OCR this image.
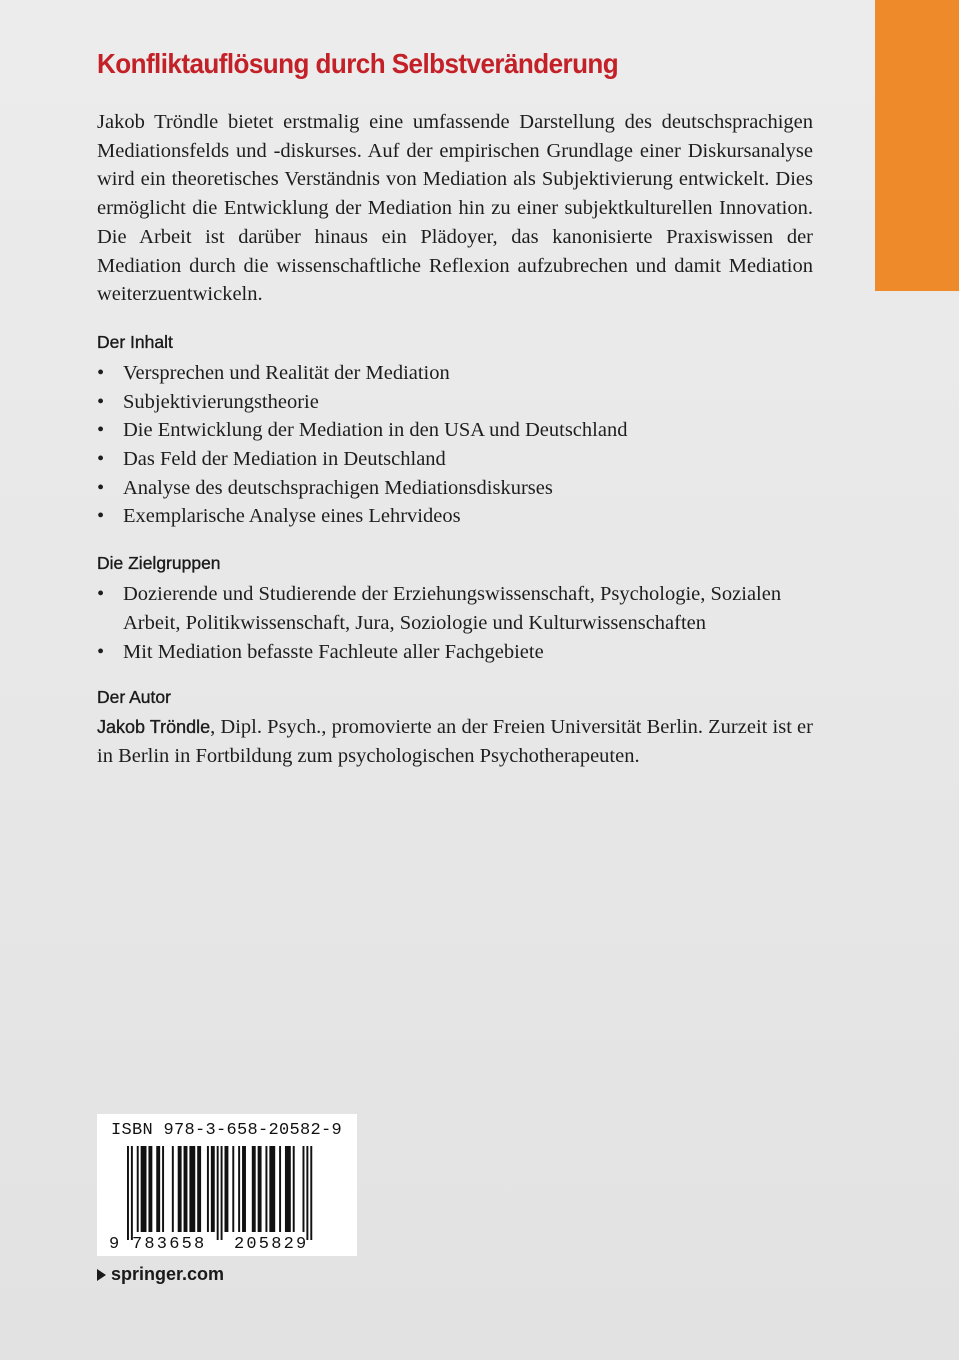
Konfliktauflösung durch Selbstveränderung

Jakob Tröndle bietet erstmalig eine umfassende Darstellung des deutschsprachigen Mediationsfelds und -diskurses. Auf der empirischen Grundlage einer Diskursanalyse wird ein theoretisches Verständnis von Mediation als Subjektivierung entwickelt. Dies ermöglicht die Entwicklung der Mediation hin zu einer subjektkulturellen Innovation. Die Arbeit ist darüber hinaus ein Plädoyer, das kanonisierte Praxiswissen der Mediation durch die wissenschaftliche Reflexion aufzubrechen und damit Mediation weiterzuentwickeln.

Der Inhalt
• Versprechen und Realität der Mediation
• Subjektivierungstheorie
• Die Entwicklung der Mediation in den USA und Deutschland
• Das Feld der Mediation in Deutschland
• Analyse des deutschsprachigen Mediationsdiskurses
• Exemplarische Analyse eines Lehrvideos
Die Zielgruppen
• Dozierende und Studierende der Erziehungswissenschaft, Psychologie, Sozialen Arbeit, Politikwissenschaft, Jura, Soziologie und Kulturwissenschaften
• Mit Mediation befasste Fachleute aller Fachgebiete
Der Autor

Jakob Tröndle, Dipl. Psych., promovierte an der Freien Universität Berlin. Zurzeit ist er in Berlin in Fortbildung zum psychologischen Psychotherapeuten.

9 783658 205829
ISBN 978-3-658-20582-9
springer.com
